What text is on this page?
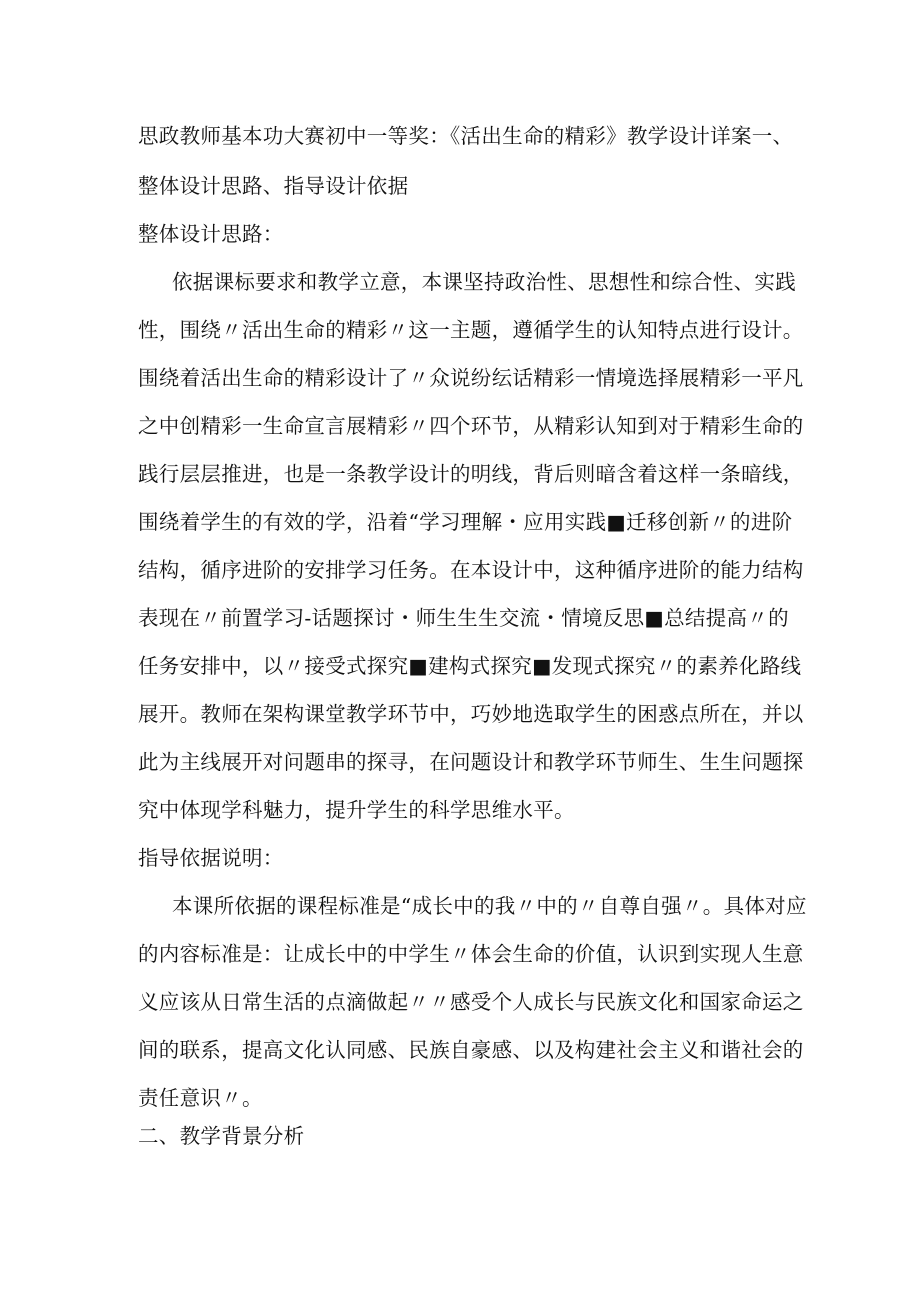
思政教师基本功大赛初中一等奖：《活出生命的精彩》教学设计详案一、
整体设计思路、指导设计依据
整体设计思路：
依据课标要求和教学立意，本课坚持政治性、思想性和综合性、实践
性，围绕〃活出生命的精彩〃这一主题，遵循学生的认知特点进行设计。
围绕着活出生命的精彩设计了〃众说纷纭话精彩一情境选择展精彩一平凡
之中创精彩一生命宣言展精彩〃四个环节，从精彩认知到对于精彩生命的
践行层层推进，也是一条教学设计的明线，背后则暗含着这样一条暗线，
围绕着学生的有效的学，沿着“学习理解・应用实践■迁移创新〃的进阶
结构，循序进阶的安排学习任务。在本设计中，这种循序进阶的能力结构
表现在〃前置学习-话题探讨・师生生生交流・情境反思■总结提高〃的
任务安排中，以〃接受式探究■建构式探究■发现式探究〃的素养化路线
展开。教师在架构课堂教学环节中，巧妙地选取学生的困惑点所在，并以
此为主线展开对问题串的探寻，在问题设计和教学环节师生、生生问题探
究中体现学科魅力，提升学生的科学思维水平。
指导依据说明：
本课所依据的课程标准是“成长中的我〃中的〃自尊自强〃。具体对应
的内容标准是：让成长中的中学生〃体会生命的价值，认识到实现人生意
义应该从日常生活的点滴做起〃〃感受个人成长与民族文化和国家命运之
间的联系，提高文化认同感、民族自豪感、以及构建社会主义和谐社会的
责任意识〃。
二、教学背景分析
